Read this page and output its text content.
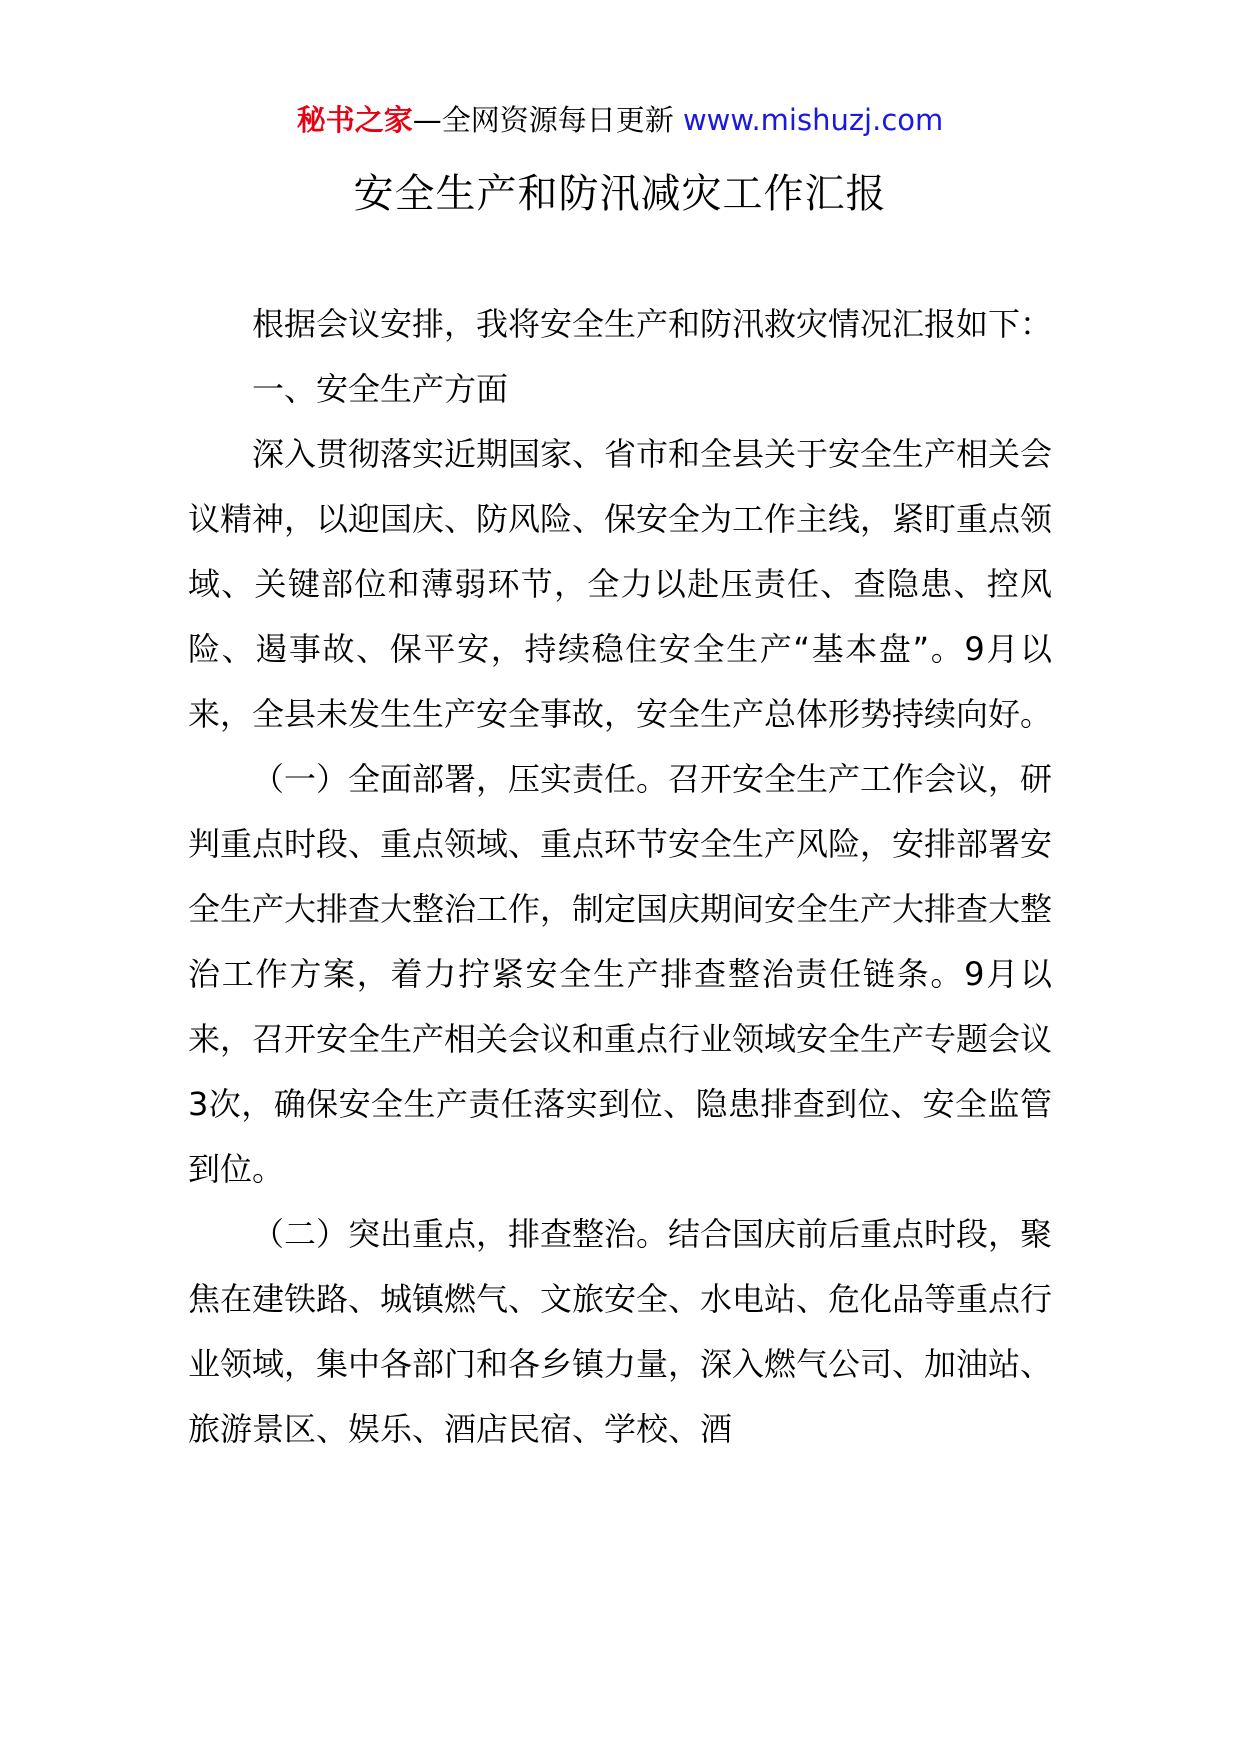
秘书之家—全网资源每日更新 www.mishuzj.com
安全生产和防汛减灾工作汇报

根据会议安排，我将安全生产和防汛救灾情况汇报如下：

一、安全生产方面

深入贯彻落实近期国家、省市和全县关于安全生产相关会议精神，以迎国庆、防风险、保安全为工作主线，紧盯重点领域、关键部位和薄弱环节，全力以赴压责任、查隐患、控风险、遏事故、保平安，持续稳住安全生产“基本盘”。9月以来，全县未发生生产安全事故，安全生产总体形势持续向好。

（一）全面部署，压实责任。召开安全生产工作会议，研判重点时段、重点领域、重点环节安全生产风险，安排部署安全生产大排查大整治工作，制定国庆期间安全生产大排查大整治工作方案，着力拧紧安全生产排查整治责任链条。9月以来，召开安全生产相关会议和重点行业领域安全生产专题会议3次，确保安全生产责任落实到位、隐患排查到位、安全监管到位。

（二）突出重点，排查整治。结合国庆前后重点时段，聚焦在建铁路、城镇燃气、文旅安全、水电站、危化品等重点行业领域，集中各部门和各乡镇力量，深入燃气公司、加油站、旅游景区、娱乐、酒店民宿、学校、酒
